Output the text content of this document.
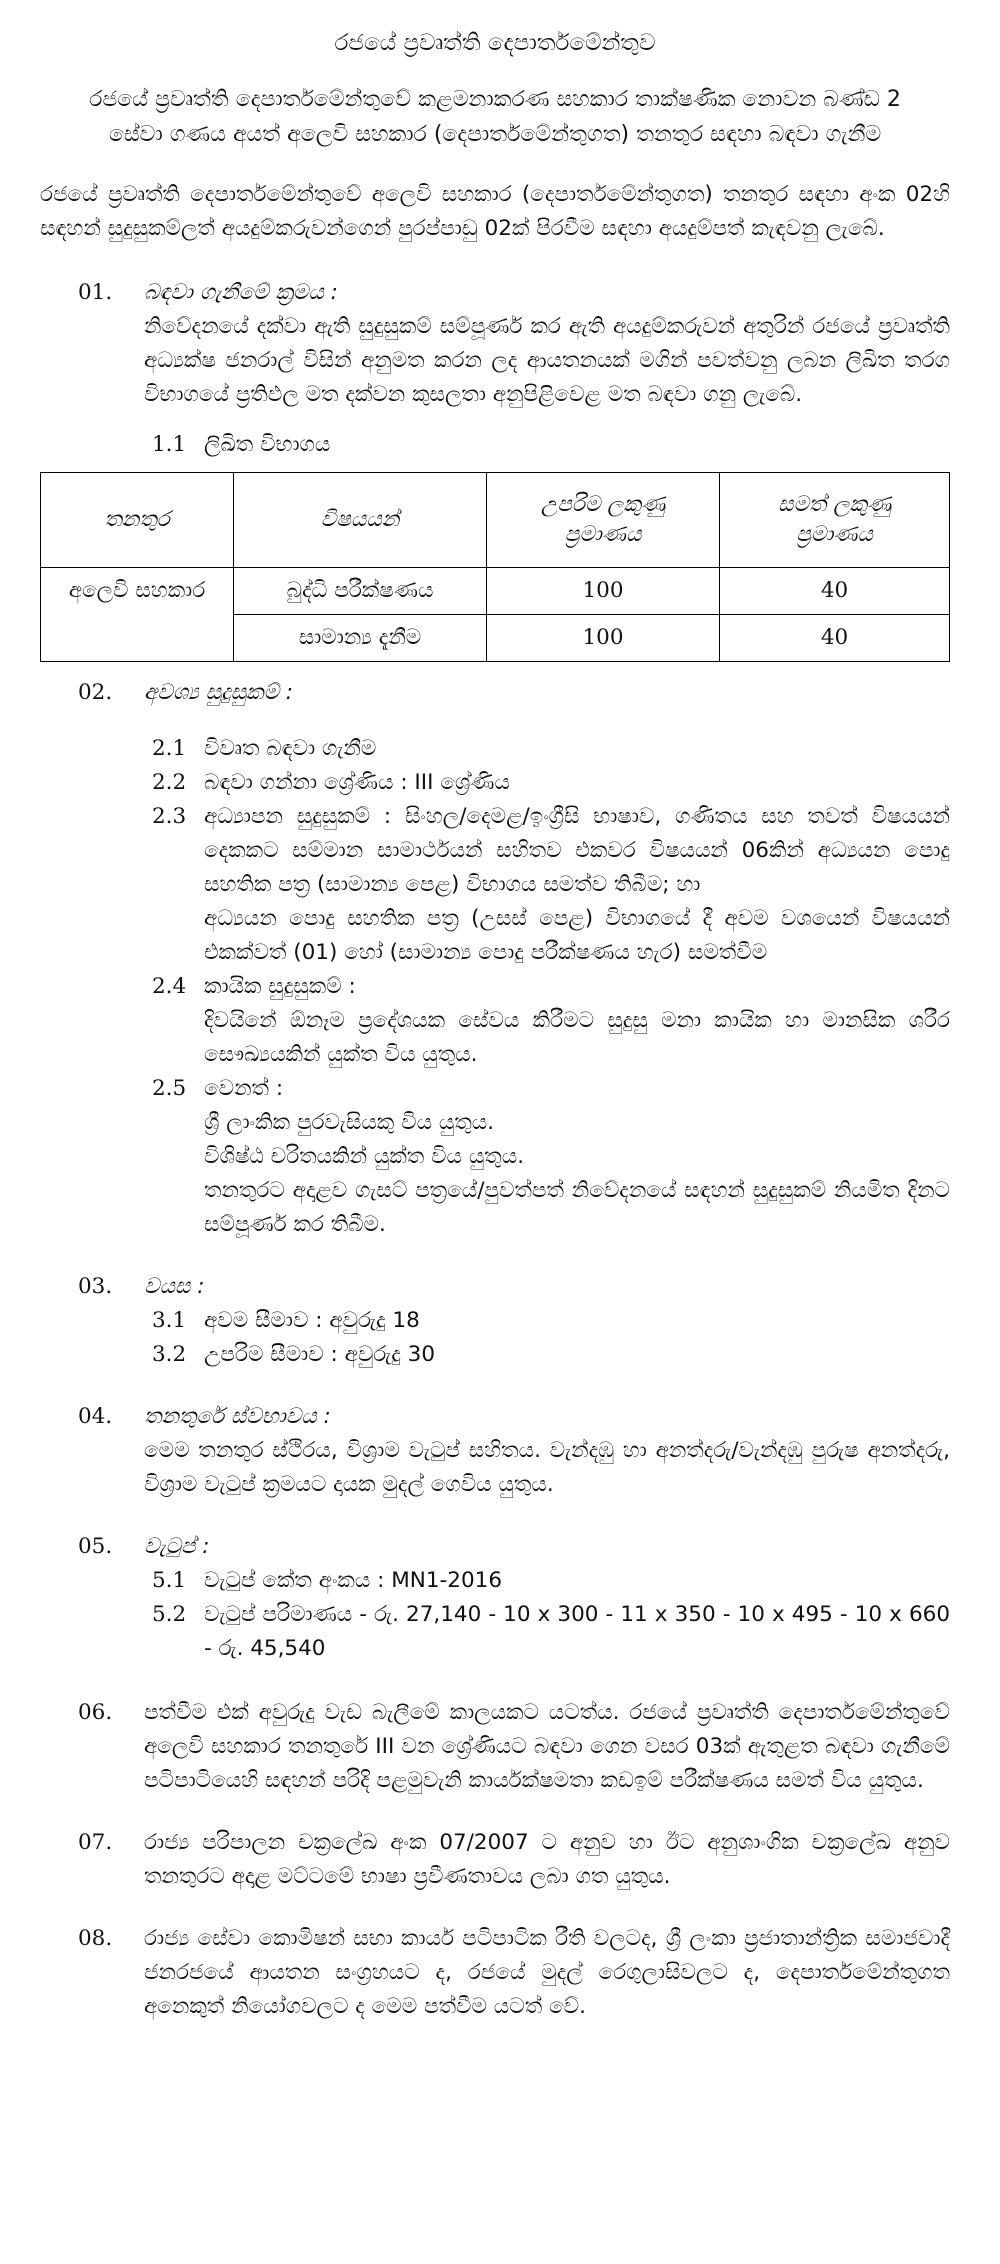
රජයේ ප්‍රවෘත්ති දෙපාර්තමේන්තුව
රජයේ ප්‍රවෘත්ති දෙපාර්තමේන්තුවේ කළමනාකරණ සහකාර තාක්ෂණික නොවන බණ්ඩ 2 සේවා ගණය අයත් අලෙවි සහකාර (දෙපාර්තමේන්තුගත) තනතුර සඳහා බඳවා ගැනීම
රජයේ ප්‍රවෘත්ති දෙපාර්තමේන්තුවේ අලෙවි සහකාර (දෙපාර්තමේන්තුගත) තනතුර සඳහා අංක 02හි සඳහන් සුදුසුකම්ලත් අයදුම්කරුවන්ගෙන් පුරප්පාඩු 02ක් පිරවීම සඳහා අයදුම්පත් කැඳවනු ලැබේ.
01.	බඳවා ගැනීමේ ක්‍රමය :
නිවේදනයේ දක්වා ඇති සුදුසුකම් සම්පූර්ණ කර ඇති අයදුම්කරුවන් අතුරින් රජයේ ප්‍රවෘත්ති අධ්‍යක්ෂ ජනරාල් විසින් අනුමත කරන ලද ආයතනයක් මගින් පවත්වනු ලබන ලිඛිත තරග විභාගයේ ප්‍රතිඵල මත දක්වන කුසලතා අනුපිළිවෙළ මත බඳවා ගනු ලැබේ.
1.1 ලිඛිත විභාගය
තනතුර	විෂයයන්	උපරිම ලකුණු ප්‍රමාණය	සමත් ලකුණු ප්‍රමාණය
අලෙවි සහකාර	බුද්ධි පරීක්ෂණය	100	40
	සාමාන්‍ය දැනීම	100	40
02.	අවශ්‍ය සුදුසුකම් :
2.1 විවෘත බඳවා ගැනීම
2.2 බඳවා ගන්නා ශ්‍රේණිය : III ශ්‍රේණිය
2.3 අධ්‍යාපන සුදුසුකම් : සිංහල/දෙමළ/ඉංග්‍රීසි භාෂාව, ගණිතය සහ තවත් විෂයයන් දෙකකට සම්මාන සාමාර්ථයන් සහිතව එකවර විෂයයන් 06කින් අධ්‍යයන පොදු සහතික පත්‍ර (සාමාන්‍ය පෙළ) විභාගය සමත්ව තිබීම; හා
අධ්‍යයන පොදු සහතික පත්‍ර (උසස් පෙළ) විභාගයේ දී අවම වශයෙන් විෂයයන් එකක්වත් (01) හෝ (සාමාන්‍ය පොදු පරීක්ෂණය හැර) සමත්වීම
2.4 කායික සුදුසුකම් :
දිවයිනේ ඕනෑම ප්‍රදේශයක සේවය කිරීමට සුදුසු මනා කායික හා මානසික ශරීර සෞඛ්‍යයකින් යුක්ත විය යුතුය.
2.5 වෙනත් :
ශ්‍රී ලාංකික පුරවැසියකු විය යුතුය.
විශිෂ්ඨ චරිතයකින් යුක්ත විය යුතුය.
තනතුරට අදාළව ගැසට් පත්‍රයේ/පුවත්පත් නිවේදනයේ සඳහන් සුදුසුකම් නියමිත දිනට සම්පූර්ණ කර තිබීම.
03.	වයස :
3.1 අවම සීමාව : අවුරුදු 18
3.2 උපරිම සීමාව : අවුරුදු 30
04.	තනතුරේ ස්වභාවය :
මෙම තනතුර ස්ථිරය, විශ්‍රාම වැටුප් සහිතය. වැන්දඹු හා අනත්දරු/වැන්දඹු පුරුෂ අනත්දරු, විශ්‍රාම වැටුප් ක්‍රමයට දායක මුදල් ගෙවිය යුතුය.
05.	වැටුප් :
5.1 වැටුප් කේත අංකය : MN1-2016
5.2 වැටුප් පරිමාණය - රු. 27,140 - 10 x 300 - 11 x 350 - 10 x 495 - 10 x 660 - රු. 45,540
06.	පත්වීම එක් අවුරුදු වැඩ බැලීමේ කාලයකට යටත්ය. රජයේ ප්‍රවෘත්ති දෙපාර්තමේන්තුවේ අලෙවි සහකාර තනතුරේ III වන ශ්‍රේණියට බඳවා ගෙන වසර 03ක් ඇතුළත බඳවා ගැනීමේ පටිපාටියෙහි සඳහන් පරිදි පළමුවැනි කාර්යක්ෂමතා කඩඉම් පරීක්ෂණය සමත් විය යුතුය.
07.	රාජ්‍ය පරිපාලන චක්‍රලේඛ අංක 07/2007 ට අනුව හා ඊට අනුශාංගික චක්‍රලේඛ අනුව තනතුරට අදාළ මට්ටමේ භාෂා ප්‍රවීණතාවය ලබා ගත යුතුය.
08.	රාජ්‍ය සේවා කොමිෂන් සභා කාර්ය පටිපාටික රීති වලටද, ශ්‍රී ලංකා ප්‍රජාතාන්ත්‍රික සමාජවාදී ජනරජයේ ආයතන සංග්‍රහයට ද, රජයේ මුදල් රෙගුලාසිවලට ද, දෙපාර්තමේන්තුගත අනෙකුත් නියෝගවලට ද මෙම පත්වීම යටත් වේ.
